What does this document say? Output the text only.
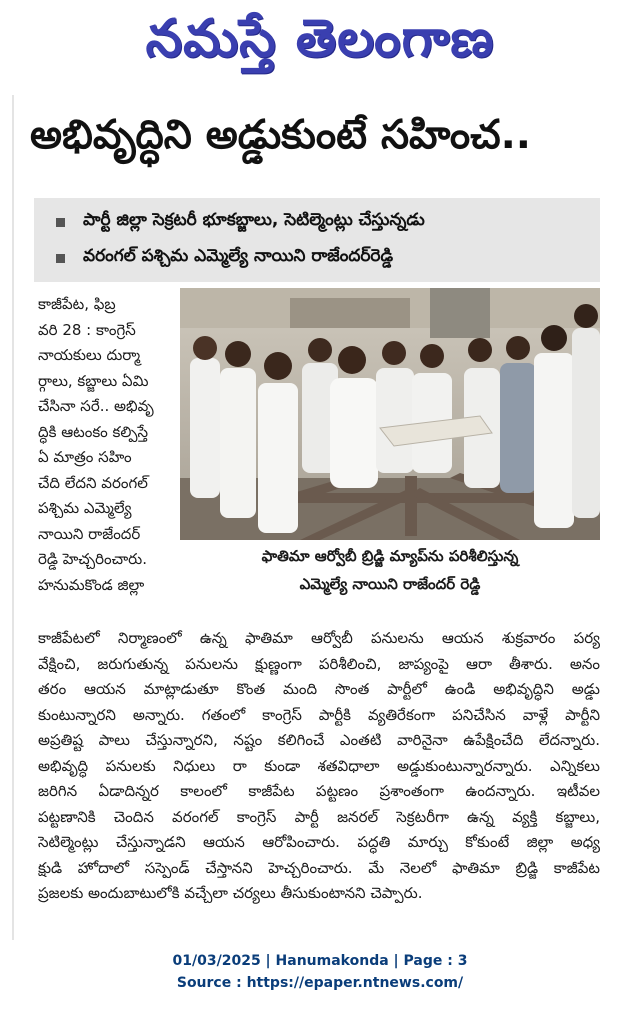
నమస్తే తెలంగాణ
అభివృద్ధిని అడ్డుకుంటే సహించ..
పార్టీ జిల్లా సెక్రటరీ భూకబ్జాలు, సెటిల్మెంట్లు చేస్తున్నడు
వరంగల్ పశ్చిమ ఎమ్మెల్యే నాయిని రాజేందర్‌రెడ్డి
కాజీపేట, ఫిబ్ర
వరి 28 : కాంగ్రెస్
నాయకులు దుర్మా
ర్గాలు, కబ్జాలు ఏమి
చేసినా సరే.. అభివృ
ద్ధికి ఆటంకం కల్పిస్తే
ఏ మాత్రం సహిం
చేది లేదని వరంగల్
పశ్చిమ ఎమ్మెల్యే
నాయిని రాజేందర్
రెడ్డి హెచ్చరించారు.
హనుమకొండ జిల్లా
ఫాతిమా ఆర్వోబీ బ్రిడ్జి మ్యాప్‌ను పరిశీలిస్తున్న
ఎమ్మెల్యే నాయిని రాజేందర్ రెడ్డి
కాజీపేటలో నిర్మాణంలో ఉన్న ఫాతిమా ఆర్వోబీ పనులను ఆయన శుక్రవారం పర్య
వేక్షించి, జరుగుతున్న పనులను క్షుణ్ణంగా పరిశీలించి, జాప్యంపై ఆరా తీశారు. అనం
తరం ఆయన మాట్లాడుతూ కొంత మంది సొంత పార్టీలో ఉండి అభివృద్ధిని అడ్డు
కుంటున్నారని అన్నారు. గతంలో కాంగ్రెస్ పార్టీకి వ్యతిరేకంగా పనిచేసిన వాళ్లే పార్టీని
అప్రతిష్ట పాలు చేస్తున్నారని, నష్టం కలిగించే ఎంతటి వారినైనా ఉపేక్షించేది లేదన్నారు.
అభివృద్ధి పనులకు నిధులు రా కుండా శతవిధాలా అడ్డుకుంటున్నారన్నారు. ఎన్నికలు
జరిగిన ఏడాదిన్నర కాలంలో కాజీపేట పట్టణం ప్రశాంతంగా ఉందన్నారు. ఇటీవల
పట్టణానికి చెందిన వరంగల్ కాంగ్రెస్ పార్టీ జనరల్ సెక్రటరీగా ఉన్న వ్యక్తి కబ్జాలు,
సెటిల్మెంట్లు చేస్తున్నాడని ఆయన ఆరోపించారు. పద్ధతి మార్చు కోకుంటే జిల్లా అధ్య
క్షుడి హోదాలో సస్పెండ్ చేస్తానని హెచ్చరించారు. మే నెలలో ఫాతిమా బ్రిడ్జి కాజీపేట
ప్రజలకు అందుబాటులోకి వచ్చేలా చర్యలు తీసుకుంటానని చెప్పారు.
01/03/2025 | Hanumakonda | Page : 3
Source : https://epaper.ntnews.com/
